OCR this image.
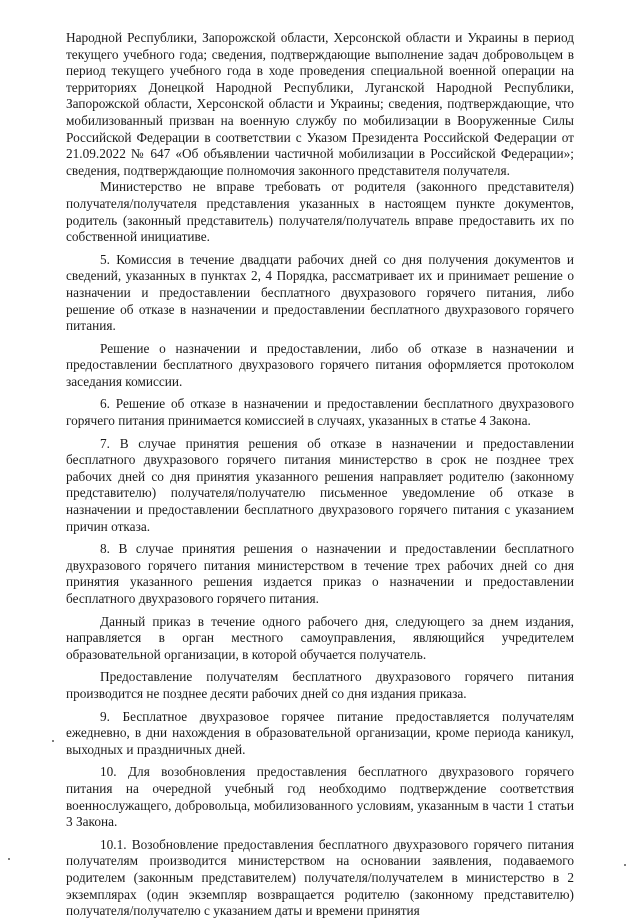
Народной Республики, Запорожской области, Херсонской области и Украины в период текущего учебного года; сведения, подтверждающие выполнение задач добровольцем в период текущего учебного года в ходе проведения специальной военной операции на территориях Донецкой Народной Республики, Луганской Народной Республики, Запорожской области, Херсонской области и Украины; сведения, подтверждающие, что мобилизованный призван на военную службу по мобилизации в Вооруженные Силы Российской Федерации в соответствии с Указом Президента Российской Федерации от 21.09.2022 № 647 «Об объявлении частичной мобилизации в Российской Федерации»; сведения, подтверждающие полномочия законного представителя получателя.

Министерство не вправе требовать от родителя (законного представителя) получателя/получателя представления указанных в настоящем пункте документов, родитель (законный представитель) получателя/получатель вправе предоставить их по собственной инициативе.

5. Комиссия в течение двадцати рабочих дней со дня получения документов и сведений, указанных в пунктах 2, 4 Порядка, рассматривает их и принимает решение о назначении и предоставлении бесплатного двухразового горячего питания, либо решение об отказе в назначении и предоставлении бесплатного двухразового горячего питания.

Решение о назначении и предоставлении, либо об отказе в назначении и предоставлении бесплатного двухразового горячего питания оформляется протоколом заседания комиссии.

6. Решение об отказе в назначении и предоставлении бесплатного двухразового горячего питания принимается комиссией в случаях, указанных в статье 4 Закона.

7. В случае принятия решения об отказе в назначении и предоставлении бесплатного двухразового горячего питания министерство в срок не позднее трех рабочих дней со дня принятия указанного решения направляет родителю (законному представителю) получателя/получателю письменное уведомление об отказе в назначении и предоставлении бесплатного двухразового горячего питания с указанием причин отказа.

8. В случае принятия решения о назначении и предоставлении бесплатного двухразового горячего питания министерством в течение трех рабочих дней со дня принятия указанного решения издается приказ о назначении и предоставлении бесплатного двухразового горячего питания.

Данный приказ в течение одного рабочего дня, следующего за днем издания, направляется в орган местного самоуправления, являющийся учредителем образовательной организации, в которой обучается получатель.

Предоставление получателям бесплатного двухразового горячего питания производится не позднее десяти рабочих дней со дня издания приказа.

9. Бесплатное двухразовое горячее питание предоставляется получателям ежедневно, в дни нахождения в образовательной организации, кроме периода каникул, выходных и праздничных дней.

10. Для возобновления предоставления бесплатного двухразового горячего питания на очередной учебный год необходимо подтверждение соответствия военнослужащего, добровольца, мобилизованного условиям, указанным в части 1 статьи 3 Закона.

10.1. Возобновление предоставления бесплатного двухразового горячего питания получателям производится министерством на основании заявления, подаваемого родителем (законным представителем) получателя/получателем в министерство в 2 экземплярах (один экземпляр возвращается родителю (законному представителю) получателя/получателю с указанием даты и времени принятия
